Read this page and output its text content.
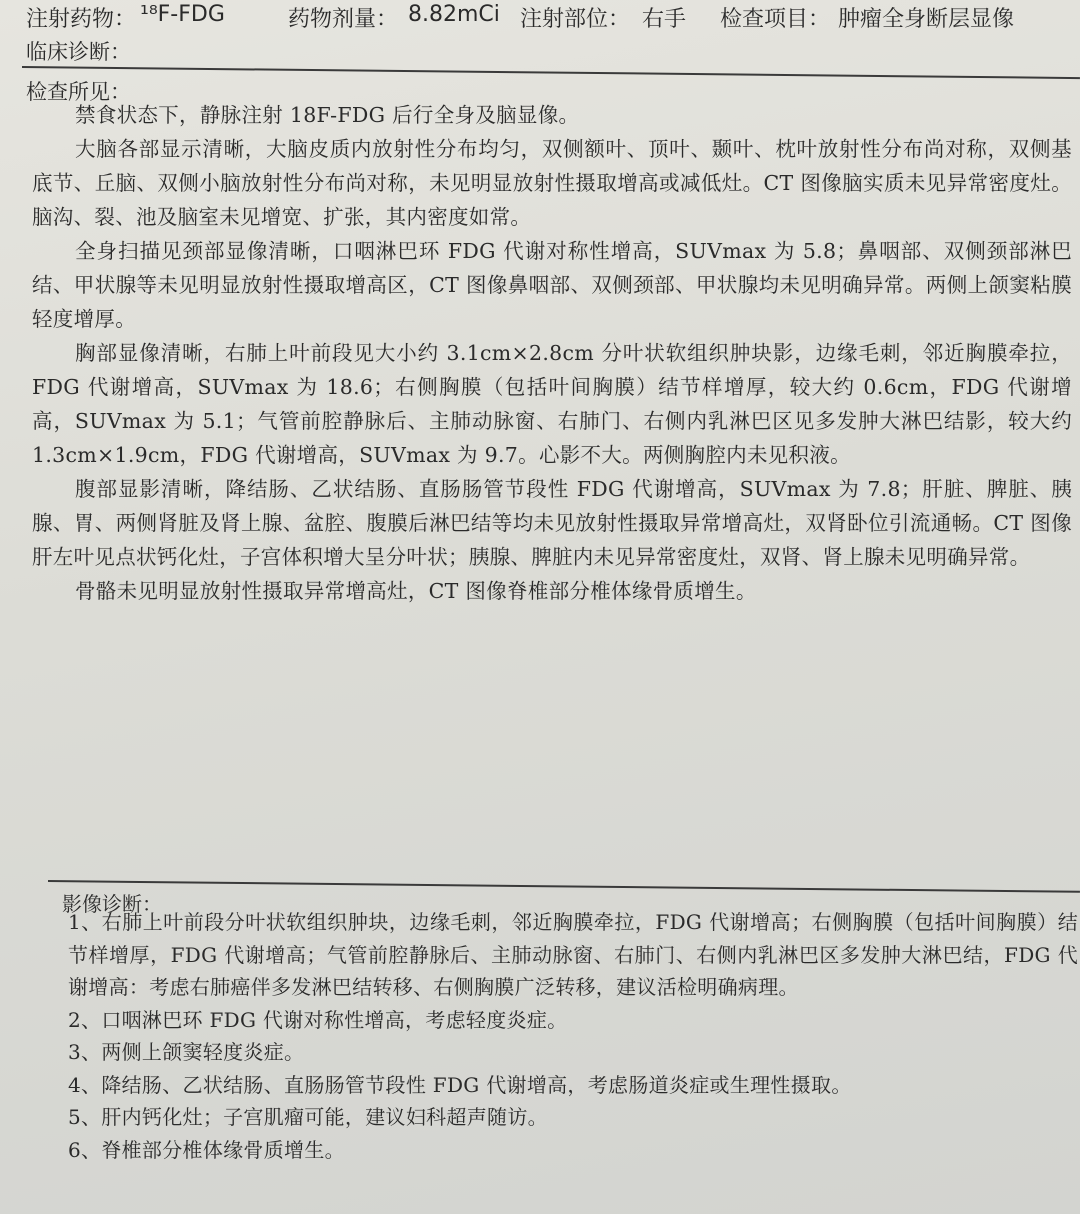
注射药物： ¹⁸F-FDG	药物剂量： 8.82mCi 注射部位： 右手 检查项目： 肿瘤全身断层显像
临床诊断：
检查所见：

禁食状态下，静脉注射 18F-FDG 后行全身及脑显像。

大脑各部显示清晰，大脑皮质内放射性分布均匀，双侧额叶、顶叶、颞叶、枕叶放射性分布尚对称，双侧基底节、丘脑、双侧小脑放射性分布尚对称，未见明显放射性摄取增高或减低灶。CT 图像脑实质未见异常密度灶。脑沟、裂、池及脑室未见增宽、扩张，其内密度如常。

全身扫描见颈部显像清晰，口咽淋巴环 FDG 代谢对称性增高，SUVmax 为 5.8；鼻咽部、双侧颈部淋巴结、甲状腺等未见明显放射性摄取增高区，CT 图像鼻咽部、双侧颈部、甲状腺均未见明确异常。两侧上颌窦粘膜轻度增厚。

胸部显像清晰，右肺上叶前段见大小约 3.1cm×2.8cm 分叶状软组织肿块影，边缘毛刺，邻近胸膜牵拉，FDG 代谢增高，SUVmax 为 18.6；右侧胸膜（包括叶间胸膜）结节样增厚，较大约 0.6cm，FDG 代谢增高，SUVmax 为 5.1；气管前腔静脉后、主肺动脉窗、右肺门、右侧内乳淋巴区见多发肿大淋巴结影，较大约 1.3cm×1.9cm，FDG 代谢增高，SUVmax 为 9.7。心影不大。两侧胸腔内未见积液。

腹部显影清晰，降结肠、乙状结肠、直肠肠管节段性 FDG 代谢增高，SUVmax 为 7.8；肝脏、脾脏、胰腺、胃、两侧肾脏及肾上腺、盆腔、腹膜后淋巴结等均未见放射性摄取异常增高灶，双肾卧位引流通畅。CT 图像肝左叶见点状钙化灶，子宫体积增大呈分叶状；胰腺、脾脏内未见异常密度灶，双肾、肾上腺未见明确异常。

骨骼未见明显放射性摄取异常增高灶，CT 图像脊椎部分椎体缘骨质增生。

影像诊断：

1、右肺上叶前段分叶状软组织肿块，边缘毛刺，邻近胸膜牵拉，FDG 代谢增高；右侧胸膜（包括叶间胸膜）结节样增厚，FDG 代谢增高；气管前腔静脉后、主肺动脉窗、右肺门、右侧内乳淋巴区多发肿大淋巴结，FDG 代谢增高：考虑右肺癌伴多发淋巴结转移、右侧胸膜广泛转移，建议活检明确病理。

2、口咽淋巴环 FDG 代谢对称性增高，考虑轻度炎症。

3、两侧上颌窦轻度炎症。

4、降结肠、乙状结肠、直肠肠管节段性 FDG 代谢增高，考虑肠道炎症或生理性摄取。

5、肝内钙化灶；子宫肌瘤可能，建议妇科超声随访。

6、脊椎部分椎体缘骨质增生。
